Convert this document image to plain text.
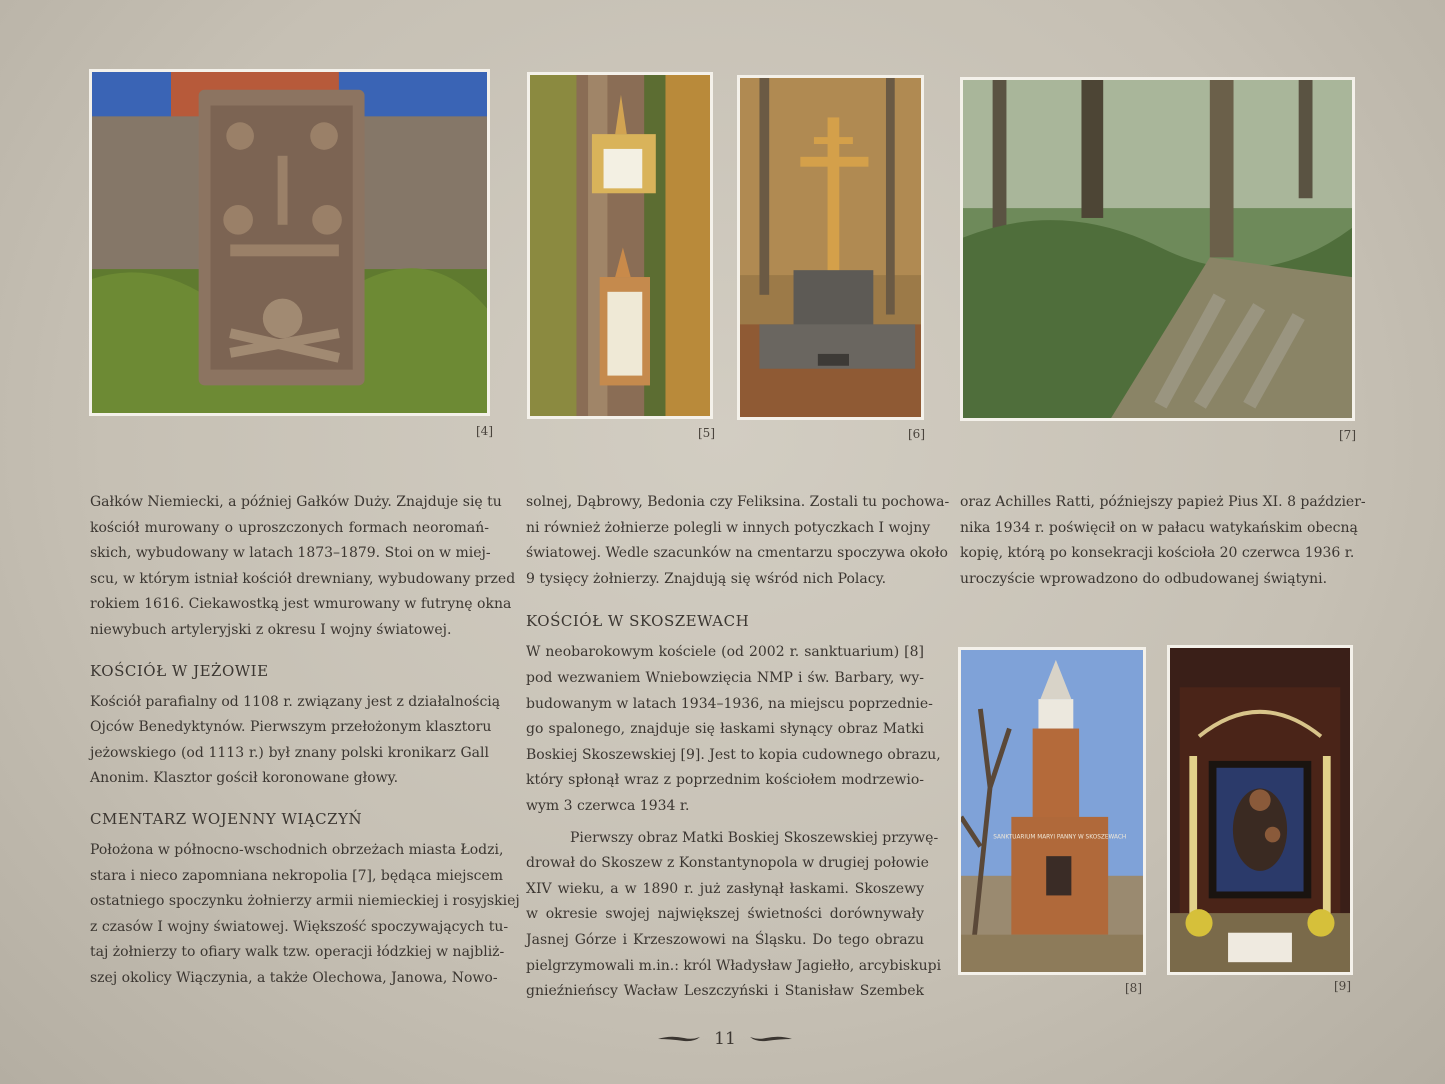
[4]	[5]	[6]	[7]

Gałków Niemiecki, a później Gałków Duży. Znajduje się tu

kościół murowany o uproszczonych formach neoromań-

skich, wybudowany w latach 1873–1879. Stoi on w miej-

scu, w którym istniał kościół drewniany, wybudowany przed

rokiem 1616. Ciekawostką jest wmurowany w futrynę okna

niewybuch artyleryjski z okresu I wojny światowej.

KOŚCIÓŁ W JEŻOWIE

Kościół parafialny od 1108 r. związany jest z działalnością

Ojców Benedyktynów. Pierwszym przełożonym klasztoru

jeżowskiego (od 1113 r.) był znany polski kronikarz Gall

Anonim. Klasztor gościł koronowane głowy.

CMENTARZ WOJENNY WIĄCZYŃ

Położona w północno-wschodnich obrzeżach miasta Łodzi,

stara i nieco zapomniana nekropolia [7], będąca miejscem

ostatniego spoczynku żołnierzy armii niemieckiej i rosyjskiej

z czasów I wojny światowej. Większość spoczywających tu-

taj żołnierzy to ofiary walk tzw. operacji łódzkiej w najbliż-

szej okolicy Wiączynia, a także Olechowa, Janowa, Nowo-

solnej, Dąbrowy, Bedonia czy Feliksina. Zostali tu pochowa-

ni również żołnierze polegli w innych potyczkach I wojny

światowej. Wedle szacunków na cmentarzu spoczywa około

9 tysięcy żołnierzy. Znajdują się wśród nich Polacy.

KOŚCIÓŁ W SKOSZEWACH

W neobarokowym kościele (od 2002 r. sanktuarium) [8]

pod wezwaniem Wniebowzięcia NMP i św. Barbary, wy-

budowanym w latach 1934–1936, na miejscu poprzednie-

go spalonego, znajduje się łaskami słynący obraz Matki

Boskiej Skoszewskiej [9]. Jest to kopia cudownego obrazu,

który spłonął wraz z poprzednim kościołem modrzewio-

wym 3 czerwca 1934 r.

Pierwszy obraz Matki Boskiej Skoszewskiej przywę-

drował do Skoszew z Konstantynopola w drugiej połowie

XIV wieku, a w 1890 r. już zasłynął łaskami. Skoszewy

w okresie swojej największej świetności dorównywały

Jasnej Górze i Krzeszowowi na Śląsku. Do tego obrazu

pielgrzymowali m.in.: król Władysław Jagiełło, arcybiskupi

gnieźnieńscy Wacław Leszczyński i Stanisław Szembek

oraz Achilles Ratti, późniejszy papież Pius XI. 8 paździer-

nika 1934 r. poświęcił on w pałacu watykańskim obecną

kopię, którą po konsekracji kościoła 20 czerwca 1936 r.

uroczyście wprowadzono do odbudowanej świątyni.

SANKTUARIUM MARYI PANNY W SKOSZEWACH
[8]	[9]
11
